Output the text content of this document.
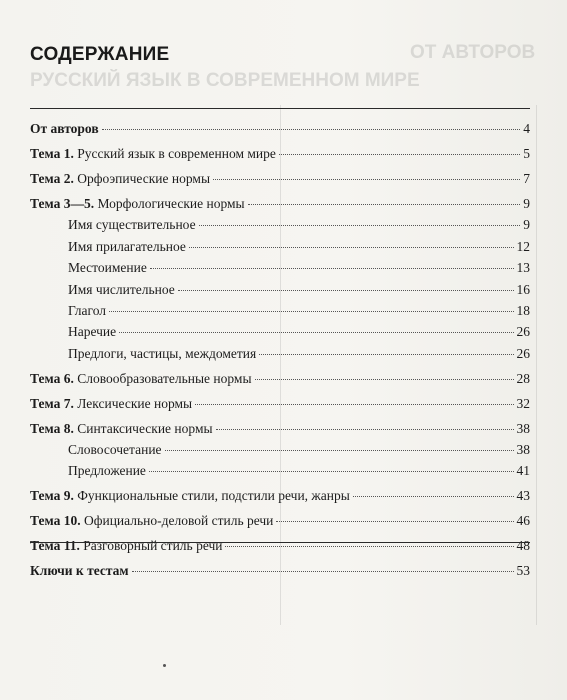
ОТ АВТОРОВ
РУССКИЙ ЯЗЫК В СОВРЕМЕННОМ МИРЕ
СОДЕРЖАНИЕ
От авторов	4
Тема 1. Русский язык в современном мире	5
Тема 2. Орфоэпические нормы	7
Тема 3—5. Морфологические нормы	9
Имя существительное	9
Имя прилагательное	12
Местоимение	13
Имя числительное	16
Глагол	18
Наречие	26
Предлоги, частицы, междометия	26
Тема 6. Словообразовательные нормы	28
Тема 7. Лексические нормы	32
Тема 8. Синтаксические нормы	38
Словосочетание	38
Предложение	41
Тема 9. Функциональные стили, подстили речи, жанры	43
Тема 10. Официально-деловой стиль речи	46
Тема 11. Разговорный стиль речи	48
Ключи к тестам	53
